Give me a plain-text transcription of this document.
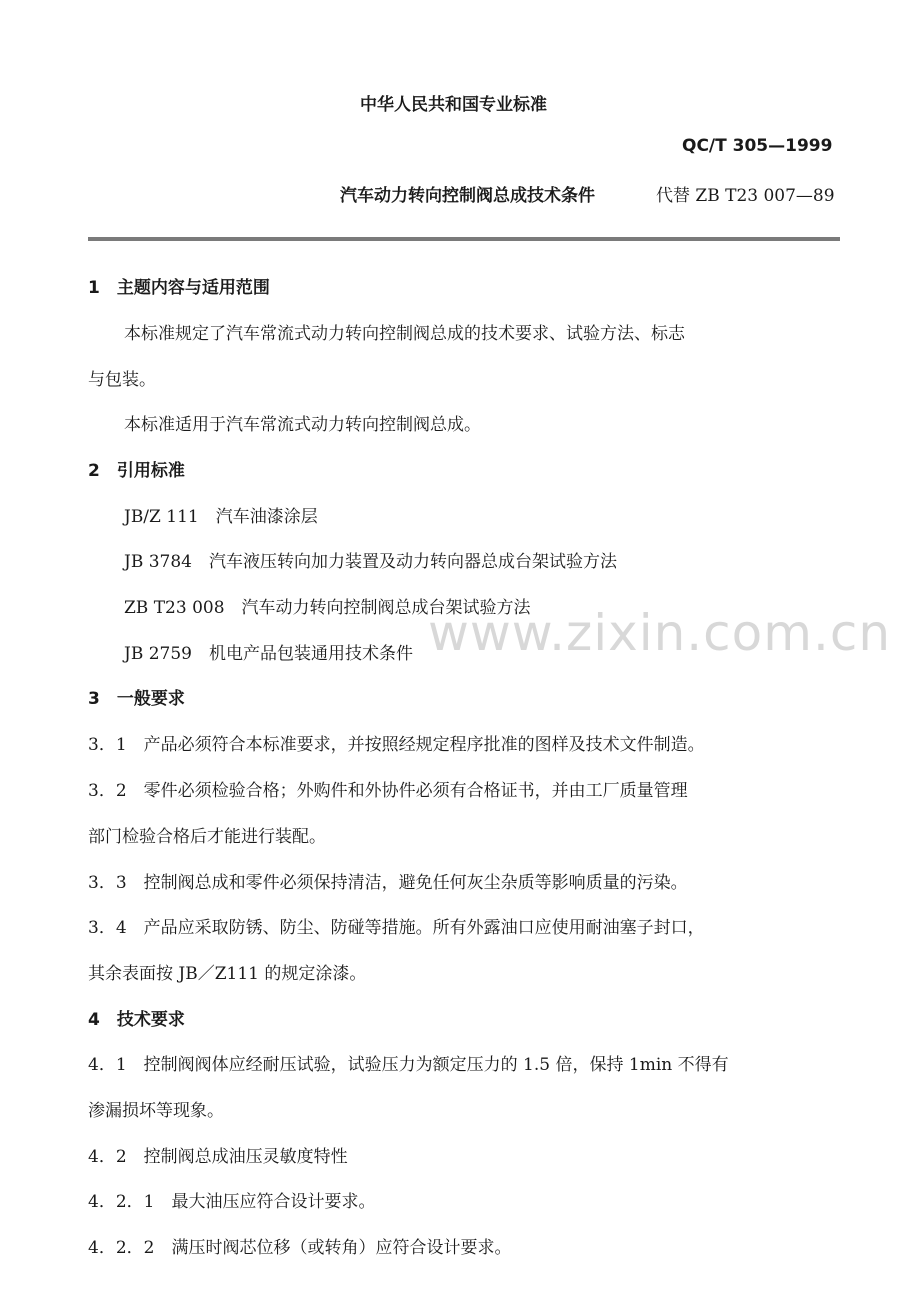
中华人民共和国专业标准
QC/T 305—1999
汽车动力转向控制阀总成技术条件	代替 ZB T23 007—89
www.zixin.com.cn
1　主题内容与适用范围
本标准规定了汽车常流式动力转向控制阀总成的技术要求、试验方法、标志
与包装。
本标准适用于汽车常流式动力转向控制阀总成。
2　引用标准
JB/Z 111　汽车油漆涂层
JB 3784　汽车液压转向加力装置及动力转向器总成台架试验方法
ZB T23 008　汽车动力转向控制阀总成台架试验方法
JB 2759　机电产品包装通用技术条件
3　一般要求
3．1　产品必须符合本标准要求，并按照经规定程序批准的图样及技术文件制造。
3．2　零件必须检验合格；外购件和外协件必须有合格证书，并由工厂质量管理
部门检验合格后才能进行装配。
3．3　控制阀总成和零件必须保持清洁，避免任何灰尘杂质等影响质量的污染。
3．4　产品应采取防锈、防尘、防碰等措施。所有外露油口应使用耐油塞子封口，
其余表面按 JB／Z111 的规定涂漆。
4　技术要求
4．1　控制阀阀体应经耐压试验，试验压力为额定压力的 1.5 倍，保持 1min 不得有
渗漏损坏等现象。
4．2　控制阀总成油压灵敏度特性
4．2．1　最大油压应符合设计要求。
4．2．2　满压时阀芯位移（或转角）应符合设计要求。
